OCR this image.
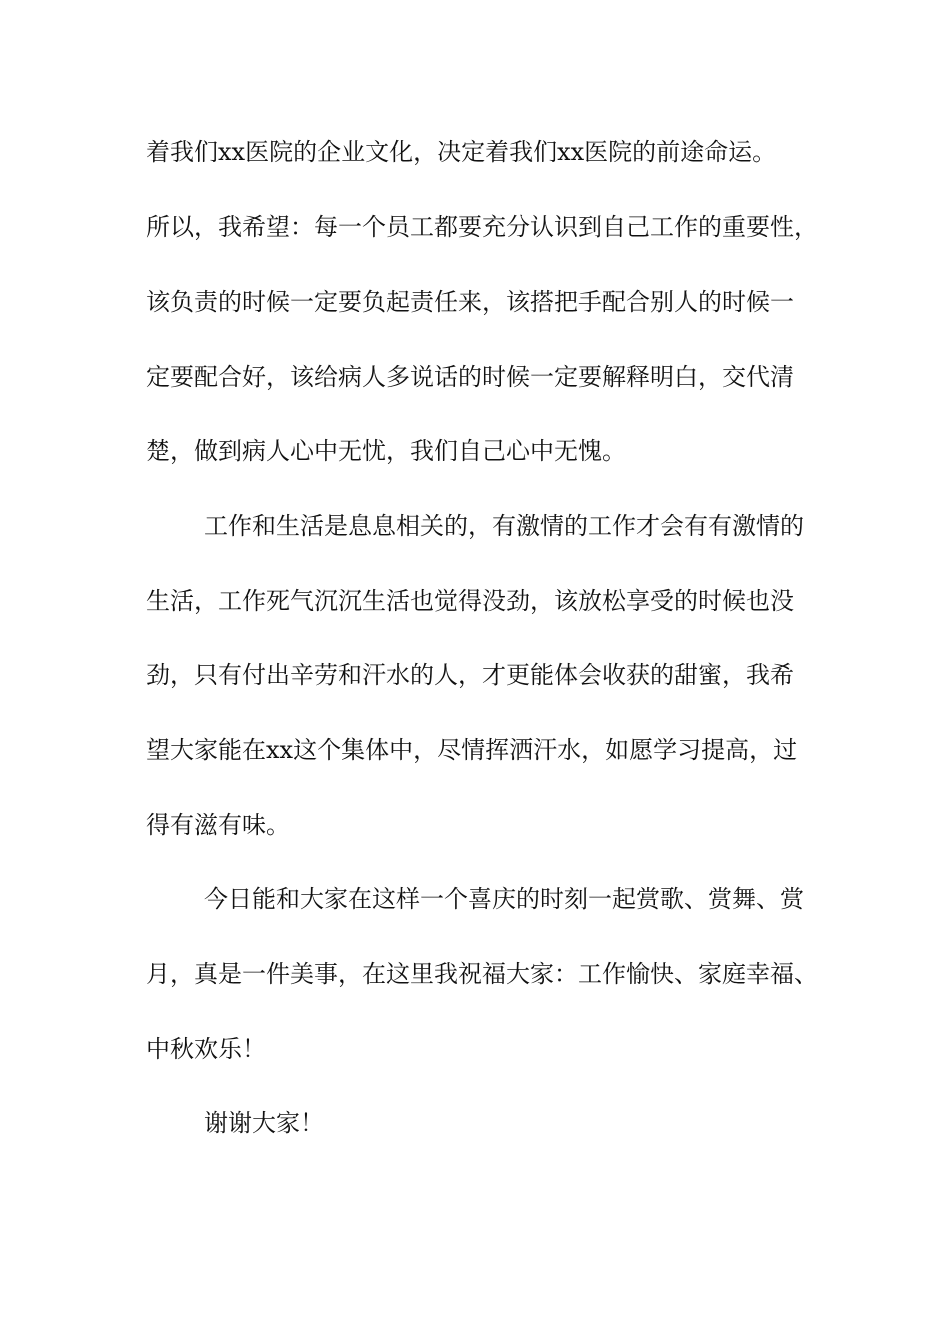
着我们xx医院的企业文化，决定着我们xx医院的前途命运。
所以，我希望：每一个员工都要充分认识到自己工作的重要性，
该负责的时候一定要负起责任来，该搭把手配合别人的时候一
定要配合好，该给病人多说话的时候一定要解释明白，交代清
楚，做到病人心中无忧，我们自己心中无愧。
工作和生活是息息相关的，有激情的工作才会有有激情的
生活，工作死气沉沉生活也觉得没劲，该放松享受的时候也没
劲，只有付出辛劳和汗水的人，才更能体会收获的甜蜜，我希
望大家能在xx这个集体中，尽情挥洒汗水，如愿学习提高，过
得有滋有味。
今日能和大家在这样一个喜庆的时刻一起赏歌、赏舞、赏
月，真是一件美事，在这里我祝福大家：工作愉快、家庭幸福、
中秋欢乐！
谢谢大家！
